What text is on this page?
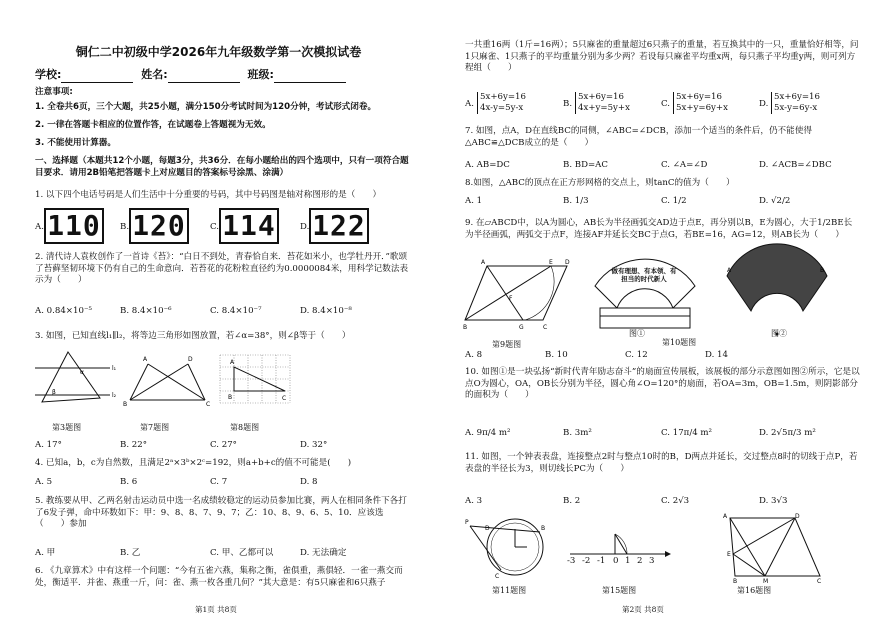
铜仁二中初级中学2026年九年级数学第一次模拟试卷
学校:	姓名:	班级:
注意事项:
1. 全卷共6页，三个大题，共25小题，满分150分考试时间为120分钟，考试形式闭卷。
2. 一律在答题卡相应的位置作答，在试题卷上答题视为无效。
3. 不能使用计算器。
一、选择题（本题共12个小题，每题3分，共36分．在每小题给出的四个选项中，只有一项符合题目要求．请用2B铅笔把答题卡上对应题目的答案标号涂黑、涂满）
1. 以下四个电话号码是人们生活中十分重要的号码，其中号码图是轴对称图形的是（　　）
A. 110	B. 120	C. 114	D. 122
2. 清代诗人袁枚创作了一首诗《苔》：“白日不到处，青春恰自来．苔花如米小，也学牡丹开．”歌颂了苔藓坚韧环境下仍有自己的生命意向．若苔花的花粉粒直径约为0.0000084米，用科学记数法表示为（　　）
A. 0.84×10⁻⁵	B. 8.4×10⁻⁶	C. 8.4×10⁻⁷	D. 8.4×10⁻⁸
3. 如图，已知直线l₁∥l₂，将等边三角形如图放置，若∠α=38°，则∠β等于（　　）
l₁
l₂
α
β
A	D
B	C
A
B	C
第3题图	第7题图	第8题图
A. 17°	B. 22°	C. 27°	D. 32°
4. 已知a，b，c为自然数，且满足2ᵃ×3ᵇ×2ᶜ=192，则a+b+c的值不可能是(　　)
A. 5	B. 6	C. 7	D. 8
5. 教练要从甲、乙两名射击运动员中选一名成绩较稳定的运动员参加比赛，两人在相同条件下各打了6发子弹，命中环数如下：甲：9、8、8、7、9、7；乙：10、8、9、6、5、10．应该选（　　）参加
A. 甲	B. 乙	C. 甲、乙都可以	D. 无法确定
6. 《九章算术》中有这样一个问题：“今有五雀六燕，集称之衡，雀俱重，燕俱轻．一雀一燕交而处，衡适平．并雀、燕重一斤，问：雀、燕一枚各重几何？”其大意是：有5只麻雀和6只燕子
第1页 共8页
一共重16两（1斤=16两）；5只麻雀的重量超过6只燕子的重量，若互换其中的一只，重量恰好相等，问1只麻雀、1只燕子的平均重量分别为多少两？若设每只麻雀平均重x两，每只燕子平均重y两，则可列方程组（　　）
A.
5x+6y=16
4x-y=5y-x	B.
5x+6y=16
4x+y=5y+x	C.
5x+6y=16
5x+y=6y+x	D.
5x+6y=16
5x-y=6y-x
7. 如图，点A，D在直线BC的同侧，∠ABC=∠DCB，添加一个适当的条件后，仍不能使得△ABC≌△DCB成立的是（　　）
A. AB=DC	B. BD=AC	C. ∠A=∠D	D. ∠ACB=∠DBC
8.如图，△ABC的顶点在正方形网格的交点上，则tanC的值为（　　）
A. 1	B. 1/3	C. 1/2	D. √2/2
9. 在▱ABCD中，以A为圆心，AB长为半径画弧交AD边于点E，再分别以B，E为圆心，大于1/2BE长为半径画弧，两弧交于点F，连接AF并延长交BC于点G，若BE=16，AG=12，则AB长为（　　）
A	D
E
F
B	G	C
A	B
做有理想、有本领、有担当的时代新人
第9题图	第10题图
图①	图②
A. 8	B. 10	C. 12	D. 14
10. 如图①是一块弘扬“新时代青年励志奋斗”的扇面宣传展板，该展板的部分示意图如图②所示，它是以点O为圆心，OA，OB长分别为半径，圆心角∠O=120°的扇面，若OA=3m，OB=1.5m，则阴影部分的面积为（　　）
A. 9π/4 m²	B. 3m²	C. 17π/4 m²	D. 2√5π/3 m²
11. 如图，一个钟表表盘，连接整点2时与整点10时的B，D两点并延长，交过整点8时的切线于点P，若表盘的半径长为3，则切线长PC为（　　）
A. 3	B. 2	C. 2√3	D. 3√3
P
B
D
C
A	D
E
B	M	C
-3 -2 -1 0 1 2 3
第11题图	第15题图	第16题图
第2页 共8页
